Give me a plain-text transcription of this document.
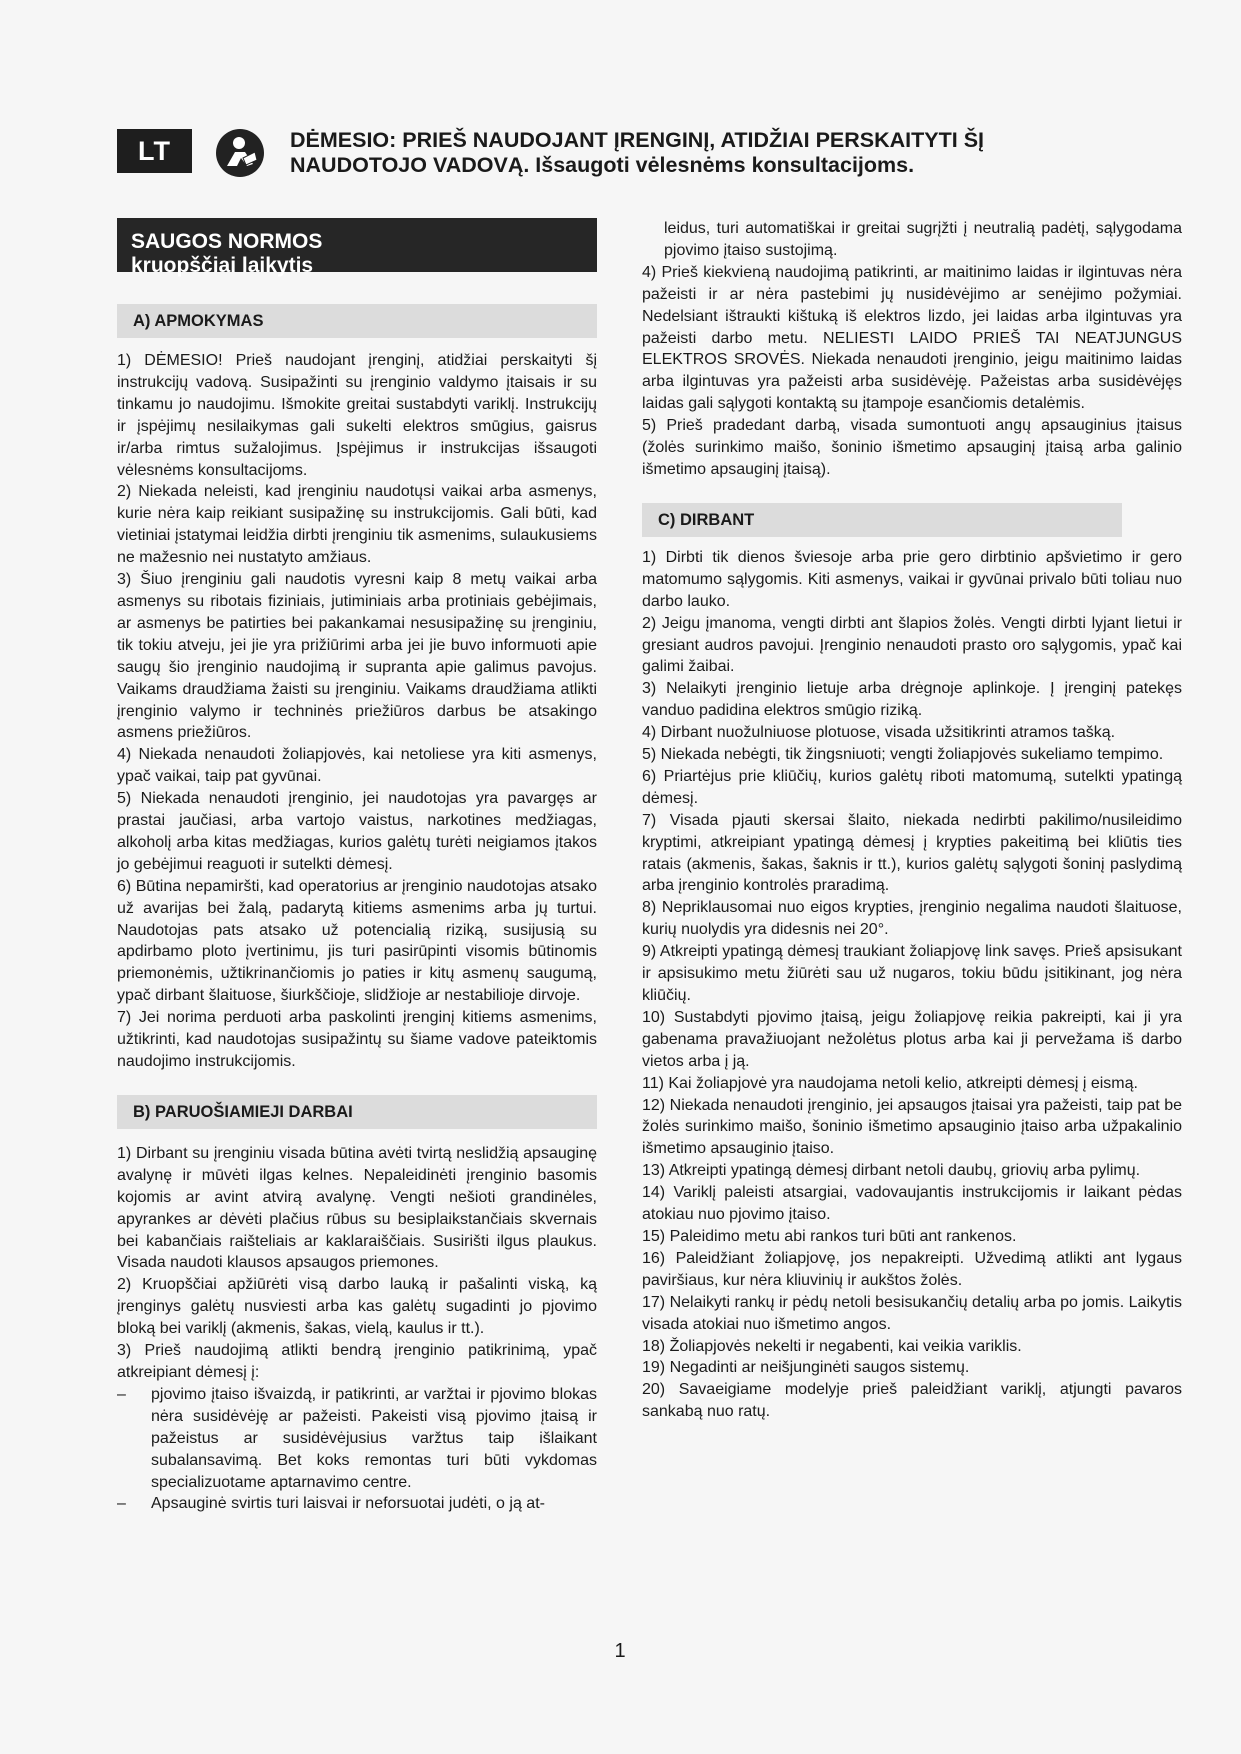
LT	DĖMESIO: PRIEŠ NAUDOJANT ĮRENGINĮ, ATIDŽIAI PERSKAITYTI ŠĮ
NAUDOTOJO VADOVĄ. Išsaugoti vėlesnėms konsultacijoms.
SAUGOS NORMOS
kruopščiai laikytis
A) APMOKYMAS

1) DĖMESIO! Prieš naudojant įrenginį, atidžiai perskaityti šį instrukcijų vadovą. Susipažinti su įrenginio valdymo įtaisais ir su tinkamu jo naudojimu. Išmokite greitai sustabdyti variklį. Instrukcijų ir įspėjimų nesilaikymas gali sukelti elektros smūgius, gaisrus ir/arba rimtus sužalojimus. Įspėjimus ir instrukcijas išsaugoti vėlesnėms konsultacijoms.

2) Niekada neleisti, kad įrenginiu naudotųsi vaikai arba asmenys, kurie nėra kaip reikiant susipažinę su instrukcijomis. Gali būti, kad vietiniai įstatymai leidžia dirbti įrenginiu tik asmenims, sulaukusiems ne mažesnio nei nustatyto amžiaus.

3) Šiuo įrenginiu gali naudotis vyresni kaip 8 metų vaikai arba asmenys su ribotais fiziniais, jutiminiais arba protiniais gebėjimais, ar asmenys be patirties bei pakankamai nesusipažinę su įrenginiu, tik tokiu atveju, jei jie yra prižiūrimi arba jei jie buvo informuoti apie saugų šio įrenginio naudojimą ir supranta apie galimus pavojus. Vaikams draudžiama žaisti su įrenginiu. Vaikams draudžiama atlikti įrenginio valymo ir techninės priežiūros darbus be atsakingo asmens priežiūros.

4) Niekada nenaudoti žoliapjovės, kai netoliese yra kiti asmenys, ypač vaikai, taip pat gyvūnai.

5) Niekada nenaudoti įrenginio, jei naudotojas yra pavargęs ar prastai jaučiasi, arba vartojo vaistus, narkotines medžiagas, alkoholį arba kitas medžiagas, kurios galėtų turėti neigiamos įtakos jo gebėjimui reaguoti ir sutelkti dėmesį.

6) Būtina nepamiršti, kad operatorius ar įrenginio naudotojas atsako už avarijas bei žalą, padarytą kitiems asmenims arba jų turtui. Naudotojas pats atsako už potencialią riziką, susijusią su apdirbamo ploto įvertinimu, jis turi pasirūpinti visomis būtinomis priemonėmis, užtikrinančiomis jo paties ir kitų asmenų saugumą, ypač dirbant šlaituose, šiurkščioje, slidžioje ar nestabilioje dirvoje.

7) Jei norima perduoti arba paskolinti įrenginį kitiems asmenims, užtikrinti, kad naudotojas susipažintų su šiame vadove pateiktomis naudojimo instrukcijomis.

B) PARUOŠIAMIEJI DARBAI

1) Dirbant su įrenginiu visada būtina avėti tvirtą neslidžią apsauginę avalynę ir mūvėti ilgas kelnes. Nepaleidinėti įrenginio basomis kojomis ar avint atvirą avalynę. Vengti nešioti grandinėles, apyrankes ar dėvėti plačius rūbus su besiplaikstančiais skvernais bei kabančiais raišteliais ar kaklaraiščiais. Susirišti ilgus plaukus. Visada naudoti klausos apsaugos priemones.

2) Kruopščiai apžiūrėti visą darbo lauką ir pašalinti viską, ką įrenginys galėtų nusviesti arba kas galėtų sugadinti jo pjovimo bloką bei variklį (akmenis, šakas, vielą, kaulus ir tt.).

3) Prieš naudojimą atlikti bendrą įrenginio patikrinimą, ypač atkreipiant dėmesį į:

– pjovimo įtaiso išvaizdą, ir patikrinti, ar varžtai ir pjovimo blokas nėra susidėvėję ar pažeisti. Pakeisti visą pjovimo įtaisą ir pažeistus ar susidėvėjusius varžtus taip išlaikant subalansavimą. Bet koks remontas turi būti vykdomas specializuotame aptarnavimo centre.
– Apsauginė svirtis turi laisvai ir neforsuotai judėti, o ją at-

leidus, turi automatiškai ir greitai sugrįžti į neutralią padėtį, sąlygodama pjovimo įtaiso sustojimą.

4) Prieš kiekvieną naudojimą patikrinti, ar maitinimo laidas ir ilgintuvas nėra pažeisti ir ar nėra pastebimi jų nusidėvėjimo ar senėjimo požymiai. Nedelsiant ištraukti kištuką iš elektros lizdo, jei laidas arba ilgintuvas yra pažeisti darbo metu. NELIESTI LAIDO PRIEŠ TAI NEATJUNGUS ELEKTROS SROVĖS. Niekada nenaudoti įrenginio, jeigu maitinimo laidas arba ilgintuvas yra pažeisti arba susidėvėję. Pažeistas arba susidėvėjęs laidas gali sąlygoti kontaktą su įtampoje esančiomis detalėmis.

5) Prieš pradedant darbą, visada sumontuoti angų apsauginius įtaisus (žolės surinkimo maišo, šoninio išmetimo apsauginį įtaisą arba galinio išmetimo apsauginį įtaisą).

C) DIRBANT

1) Dirbti tik dienos šviesoje arba prie gero dirbtinio apšvietimo ir gero matomumo sąlygomis. Kiti asmenys, vaikai ir gyvūnai privalo būti toliau nuo darbo lauko.

2) Jeigu įmanoma, vengti dirbti ant šlapios žolės. Vengti dirbti lyjant lietui ir gresiant audros pavojui. Įrenginio nenaudoti prasto oro sąlygomis, ypač kai galimi žaibai.

3) Nelaikyti įrenginio lietuje arba drėgnoje aplinkoje. Į įrenginį patekęs vanduo padidina elektros smūgio riziką.

4) Dirbant nuožulniuose plotuose, visada užsitikrinti atramos tašką.

5) Niekada nebėgti, tik žingsniuoti; vengti žoliapjovės sukeliamo tempimo.

6) Priartėjus prie kliūčių, kurios galėtų riboti matomumą, sutelkti ypatingą dėmesį.

7) Visada pjauti skersai šlaito, niekada nedirbti pakilimo/nusileidimo kryptimi, atkreipiant ypatingą dėmesį į krypties pakeitimą bei kliūtis ties ratais (akmenis, šakas, šaknis ir tt.), kurios galėtų sąlygoti šoninį paslydimą arba įrenginio kontrolės praradimą.

8) Nepriklausomai nuo eigos krypties, įrenginio negalima naudoti šlaituose, kurių nuolydis yra didesnis nei 20°.

9) Atkreipti ypatingą dėmesį traukiant žoliapjovę link savęs. Prieš apsisukant ir apsisukimo metu žiūrėti sau už nugaros, tokiu būdu įsitikinant, jog nėra kliūčių.

10) Sustabdyti pjovimo įtaisą, jeigu žoliapjovę reikia pakreipti, kai ji yra gabenama pravažiuojant nežolėtus plotus arba kai ji pervežama iš darbo vietos arba į ją.

11) Kai žoliapjovė yra naudojama netoli kelio, atkreipti dėmesį į eismą.

12) Niekada nenaudoti įrenginio, jei apsaugos įtaisai yra pažeisti, taip pat be žolės surinkimo maišo, šoninio išmetimo apsauginio įtaiso arba užpakalinio išmetimo apsauginio įtaiso.

13) Atkreipti ypatingą dėmesį dirbant netoli daubų, griovių arba pylimų.

14) Variklį paleisti atsargiai, vadovaujantis instrukcijomis ir laikant pėdas atokiau nuo pjovimo įtaiso.

15) Paleidimo metu abi rankos turi būti ant rankenos.

16) Paleidžiant žoliapjovę, jos nepakreipti. Užvedimą atlikti ant lygaus paviršiaus, kur nėra kliuvinių ir aukštos žolės.

17) Nelaikyti rankų ir pėdų netoli besisukančių detalių arba po jomis. Laikytis visada atokiai nuo išmetimo angos.

18) Žoliapjovės nekelti ir negabenti, kai veikia variklis.

19) Negadinti ar neišjunginėti saugos sistemų.

20) Savaeigiame modelyje prieš paleidžiant variklį, atjungti pavaros sankabą nuo ratų.

1
